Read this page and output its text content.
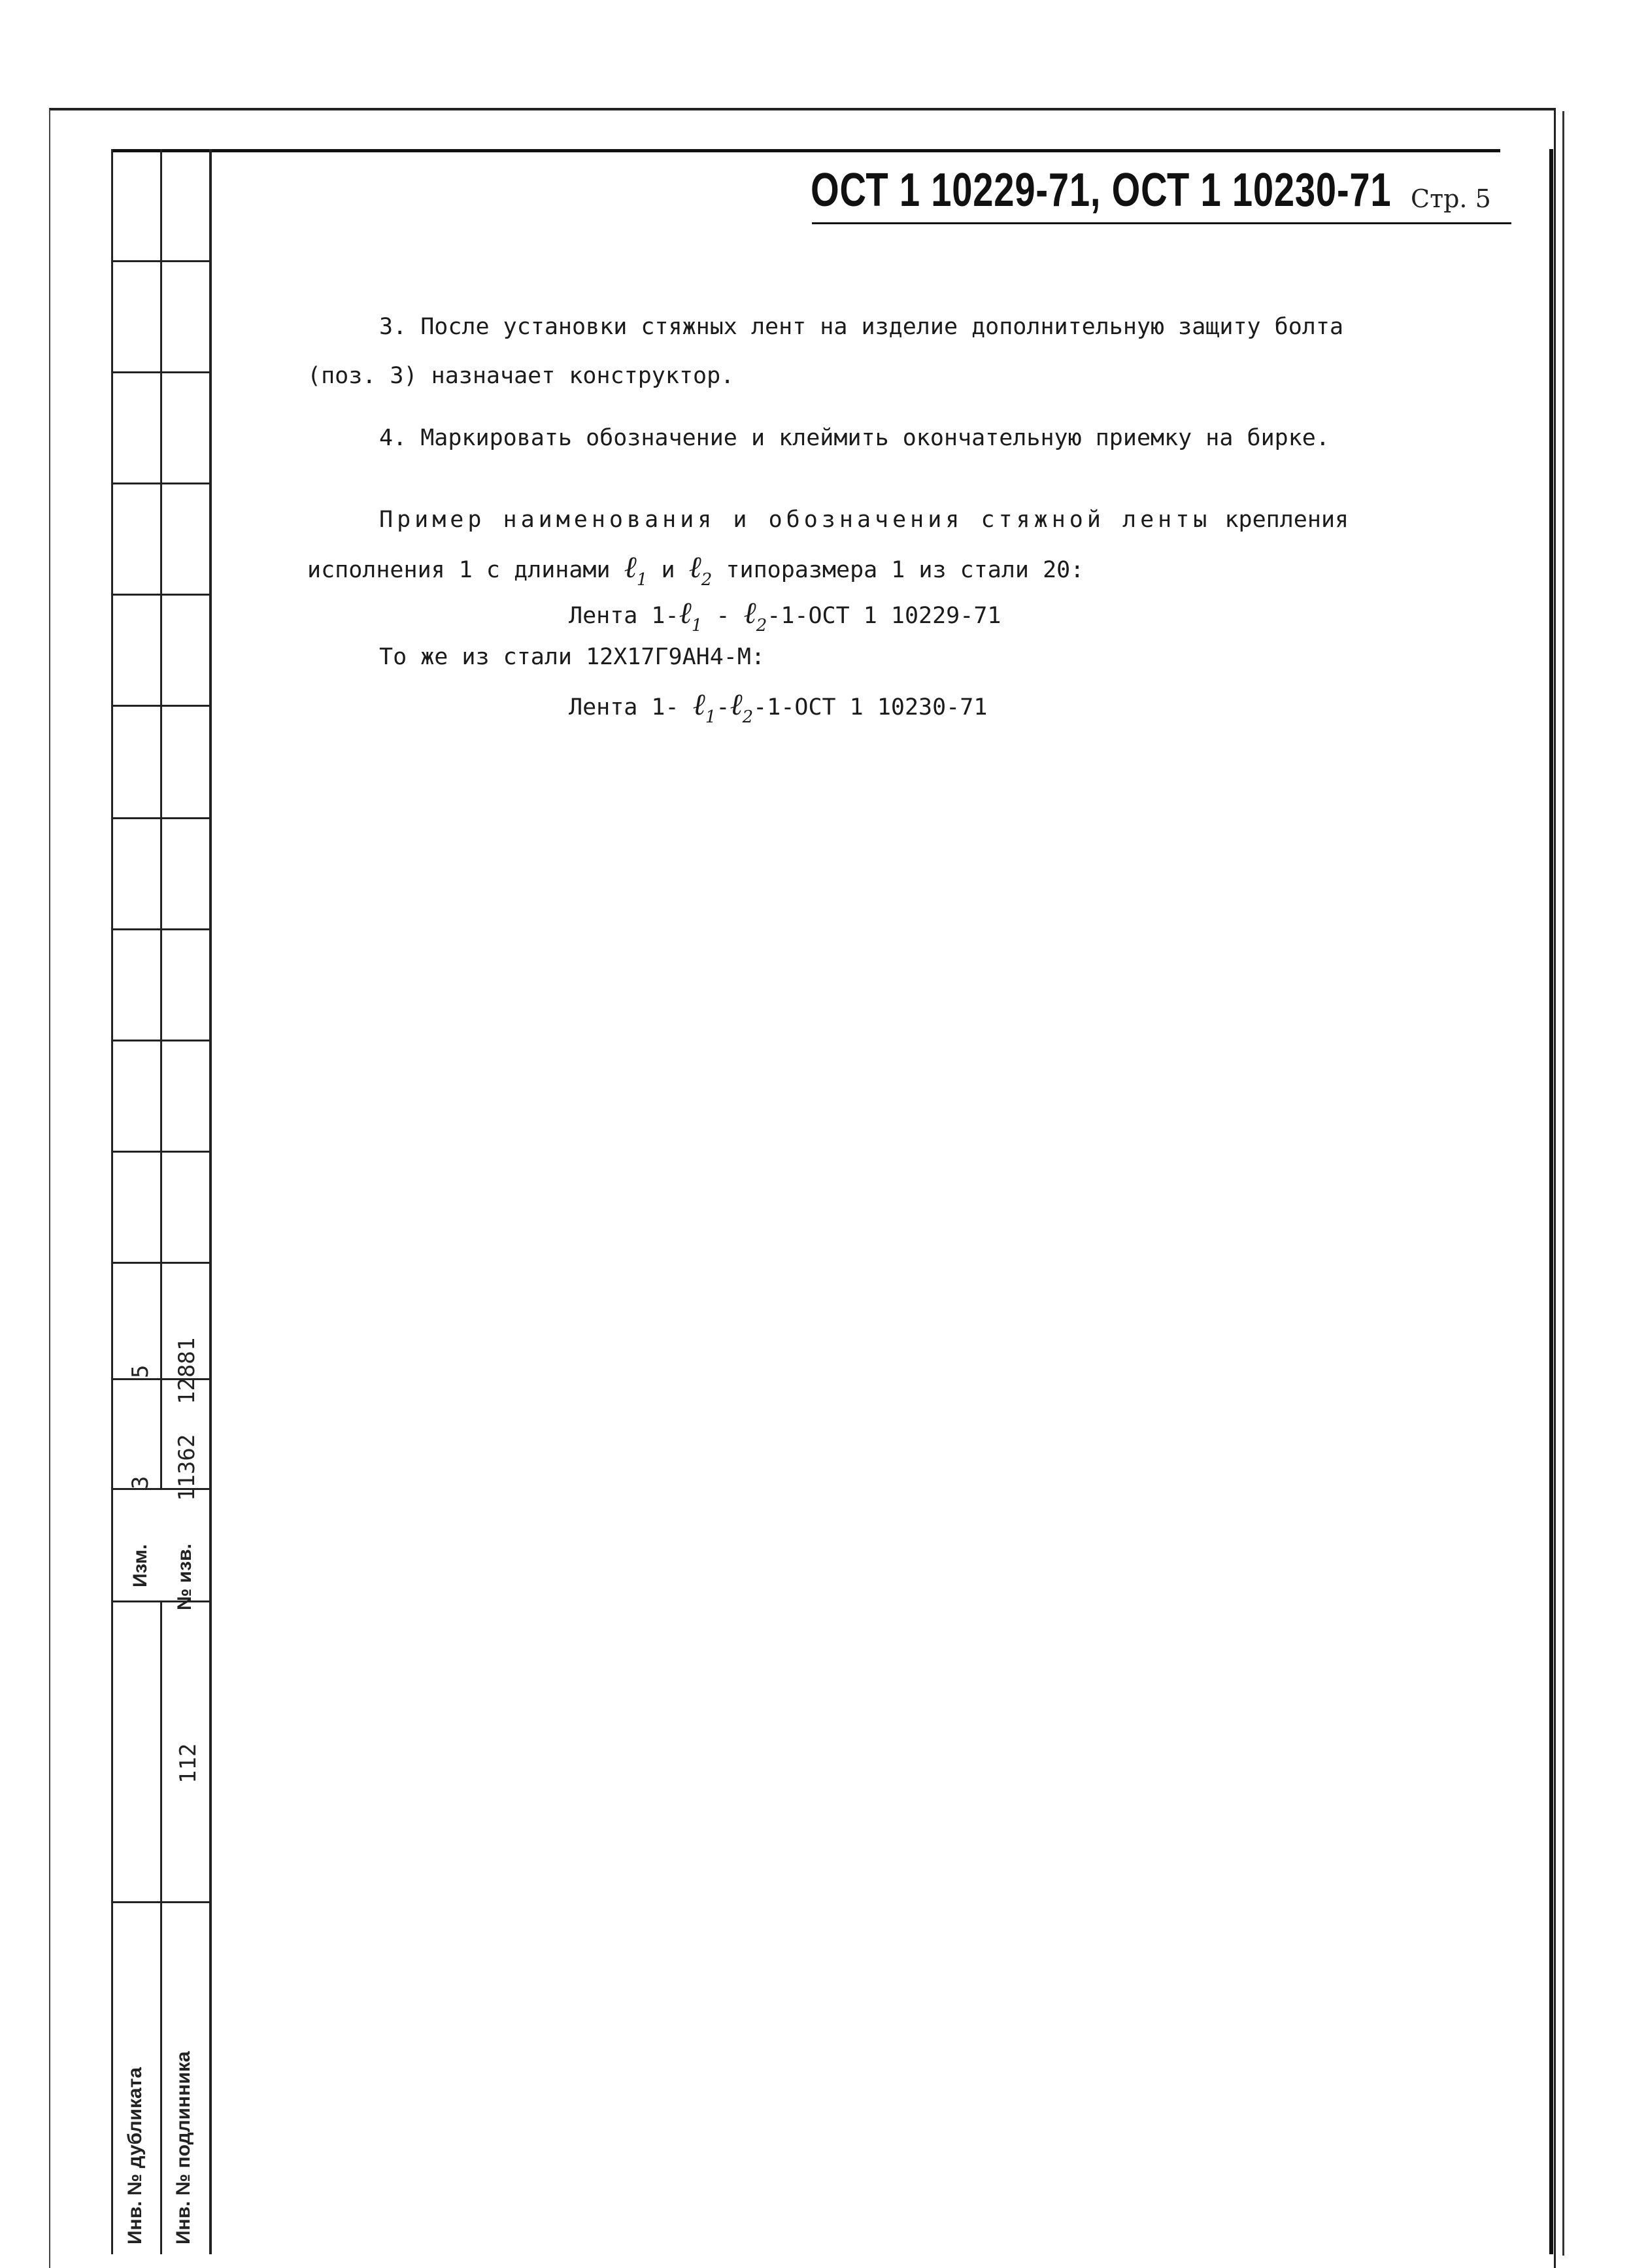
5 12881
3 11362
Изм. № изв.
112
Инв. № дубликата Инв. № подлинника
ОСТ 1 10229-71, ОСТ 1 10230-71 Стр. 5
3. После установки стяжных лент на изделие дополнительную защиту болта
(поз. 3) назначает конструктор.
4. Маркировать обозначение и клеймить окончательную приемку на бирке.
Пример наименования и обозначения стяжной ленты крепления
исполнения 1 с длинами ℓ$_1$ и ℓ$_2$ типоразмера 1 из стали 20:
Лента 1-ℓ$_1$ - ℓ$_2$-1-ОСТ 1 10229-71
То же из стали 12Х17Г9АН4-М:
Лента 1- ℓ$_1$-ℓ$_2$-1-ОСТ 1 10230-71
